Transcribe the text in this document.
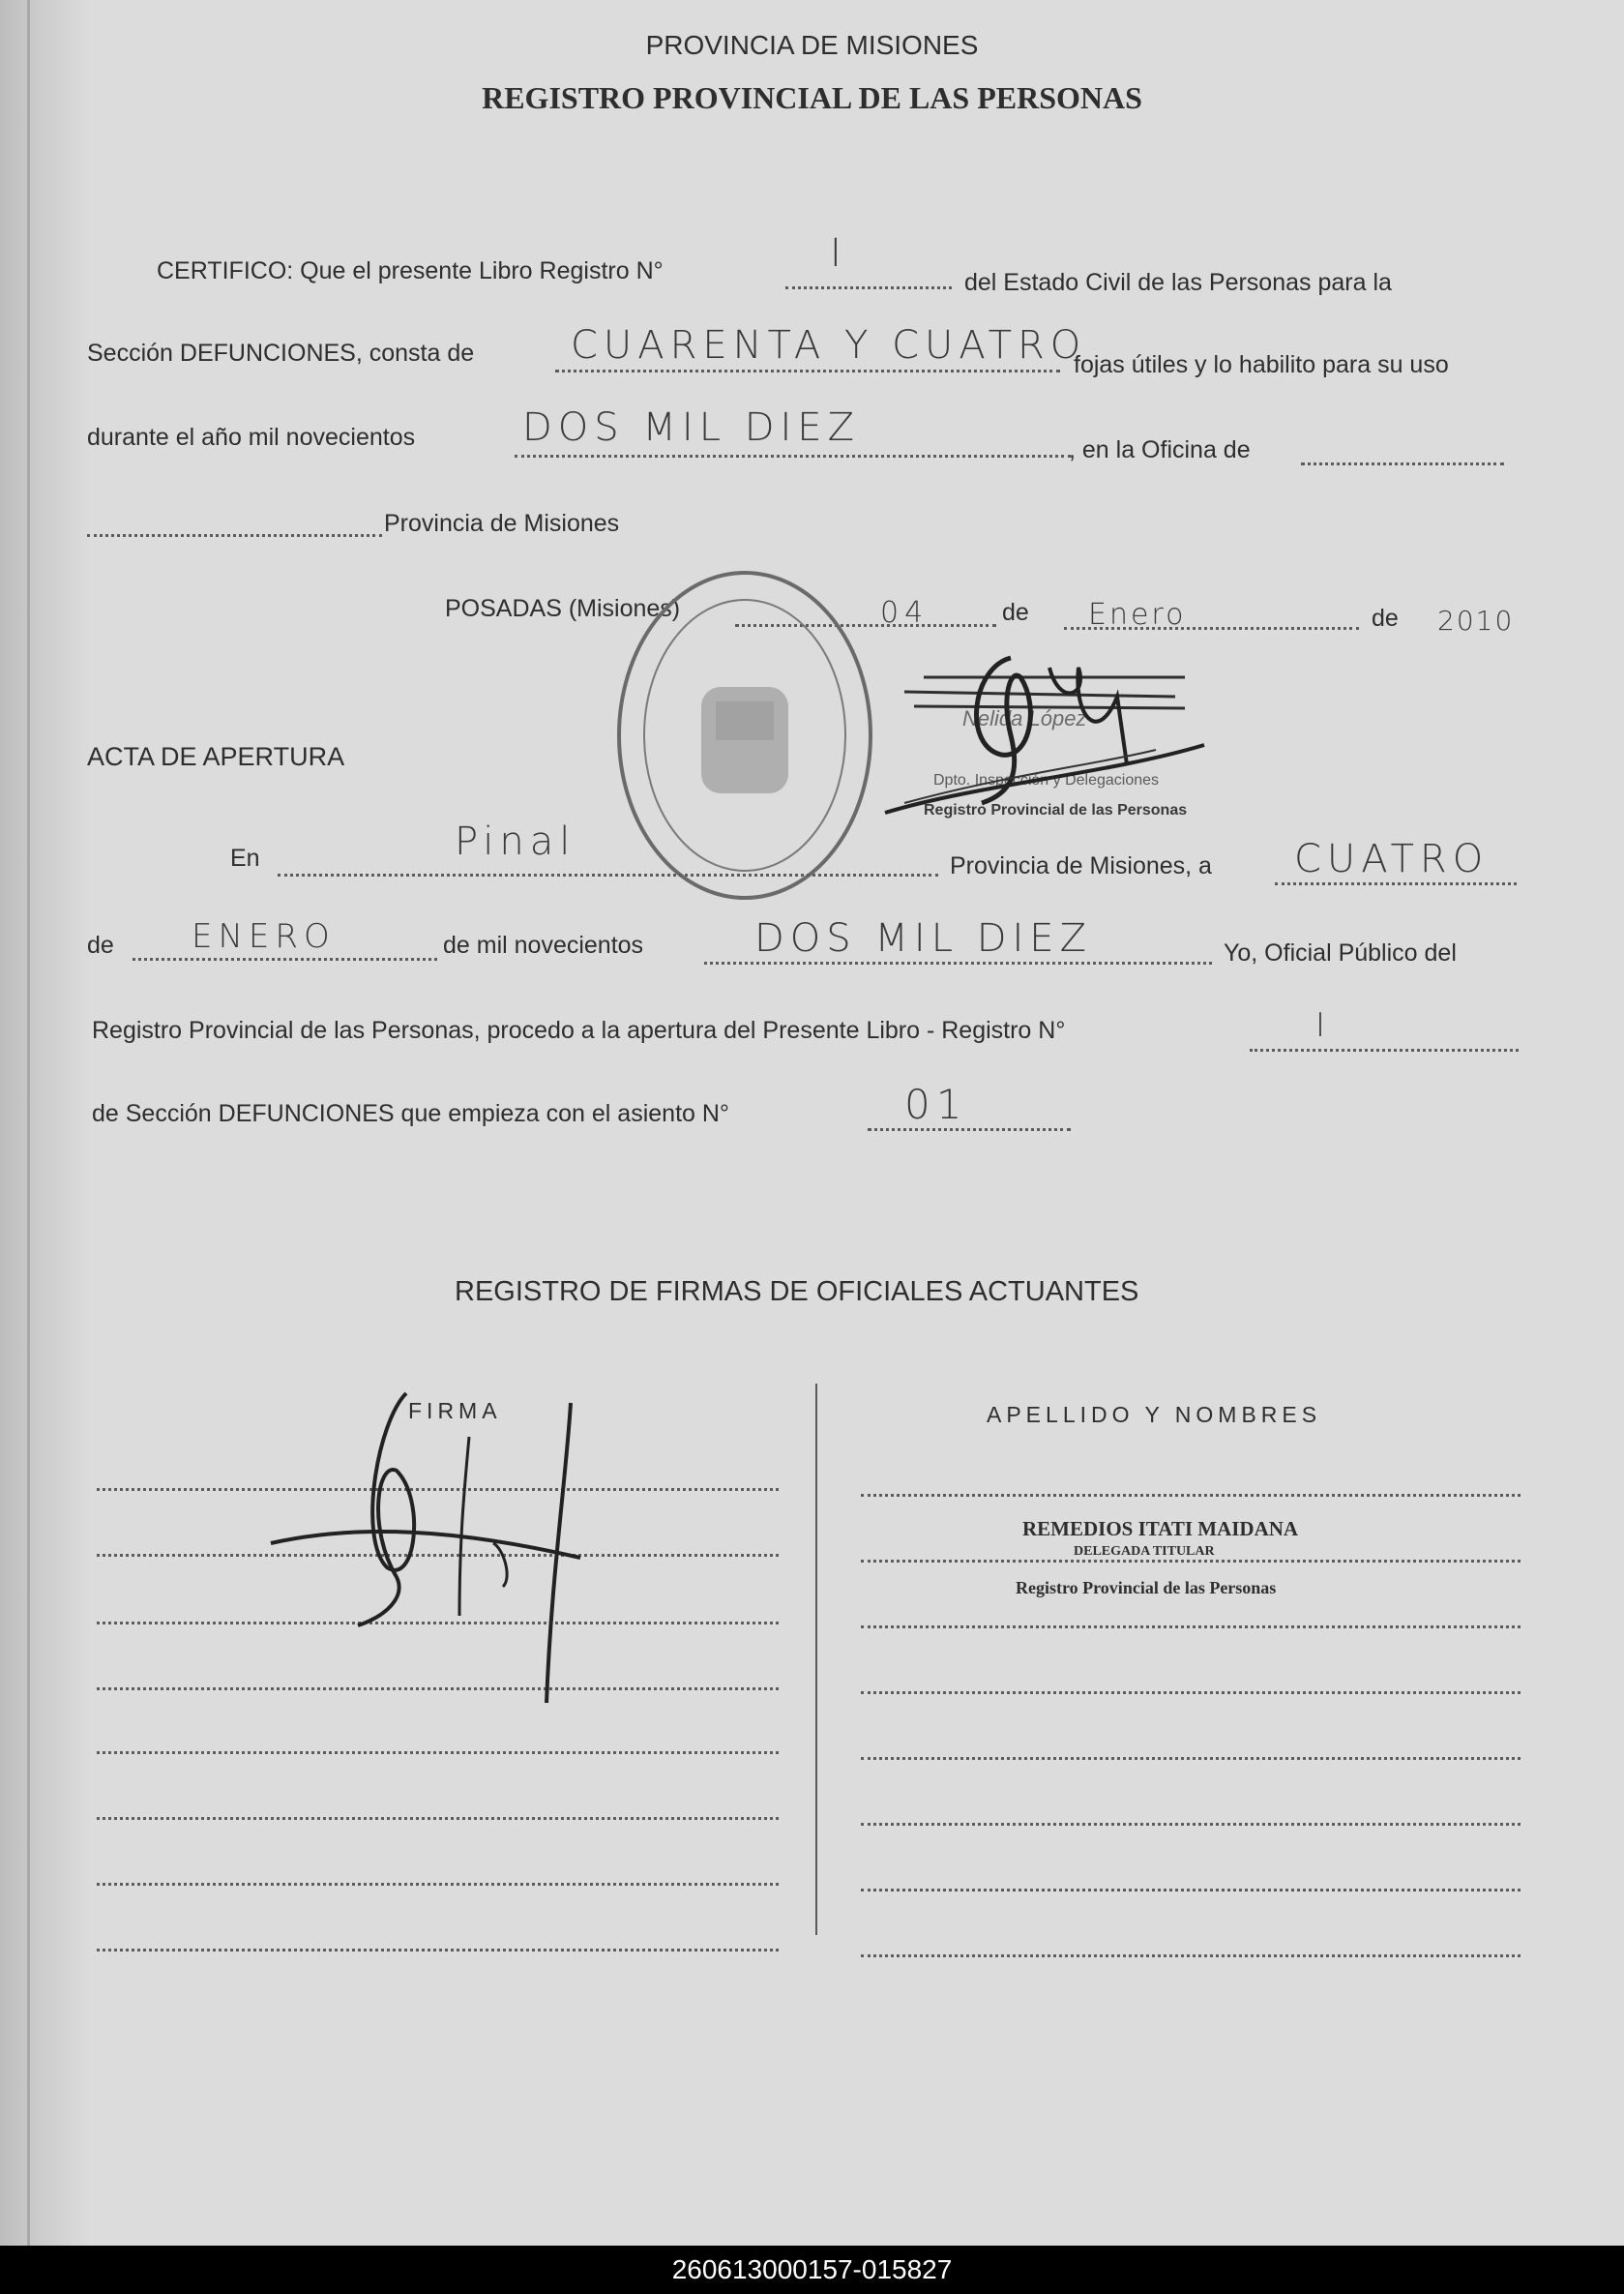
PROVINCIA DE MISIONES
REGISTRO PROVINCIAL DE LAS PERSONAS
CERTIFICO: Que el presente Libro Registro N°	I
del Estado Civil de las Personas para la
Sección DEFUNCIONES, consta de CUARENTA Y CUATRO
fojas útiles y lo habilito para su uso
durante el año mil novecientos	DOS MIL DIEZ	, en la Oficina de
Provincia de Misiones
POSADAS (Misiones)	04	de Enero	de 2010
Nelida López
Dpto. Inspección y Delegaciones
Registro Provincial de las Personas
ACTA DE APERTURA
En	Pinal
Provincia de Misiones, a CUATRO
de ENERO	de mil novecientos	DOS MIL DIEZ	Yo, Oficial Público del
Registro Provincial de las Personas, procedo a la apertura del Presente Libro - Registro N°	I
de Sección DEFUNCIONES que empieza con el asiento N°	01
REGISTRO DE FIRMAS DE OFICIALES ACTUANTES
FIRMA	APELLIDO Y NOMBRES
REMEDIOS ITATI MAIDANA
DELEGADA TITULAR
Registro Provincial de las Personas
260613000157-015827
